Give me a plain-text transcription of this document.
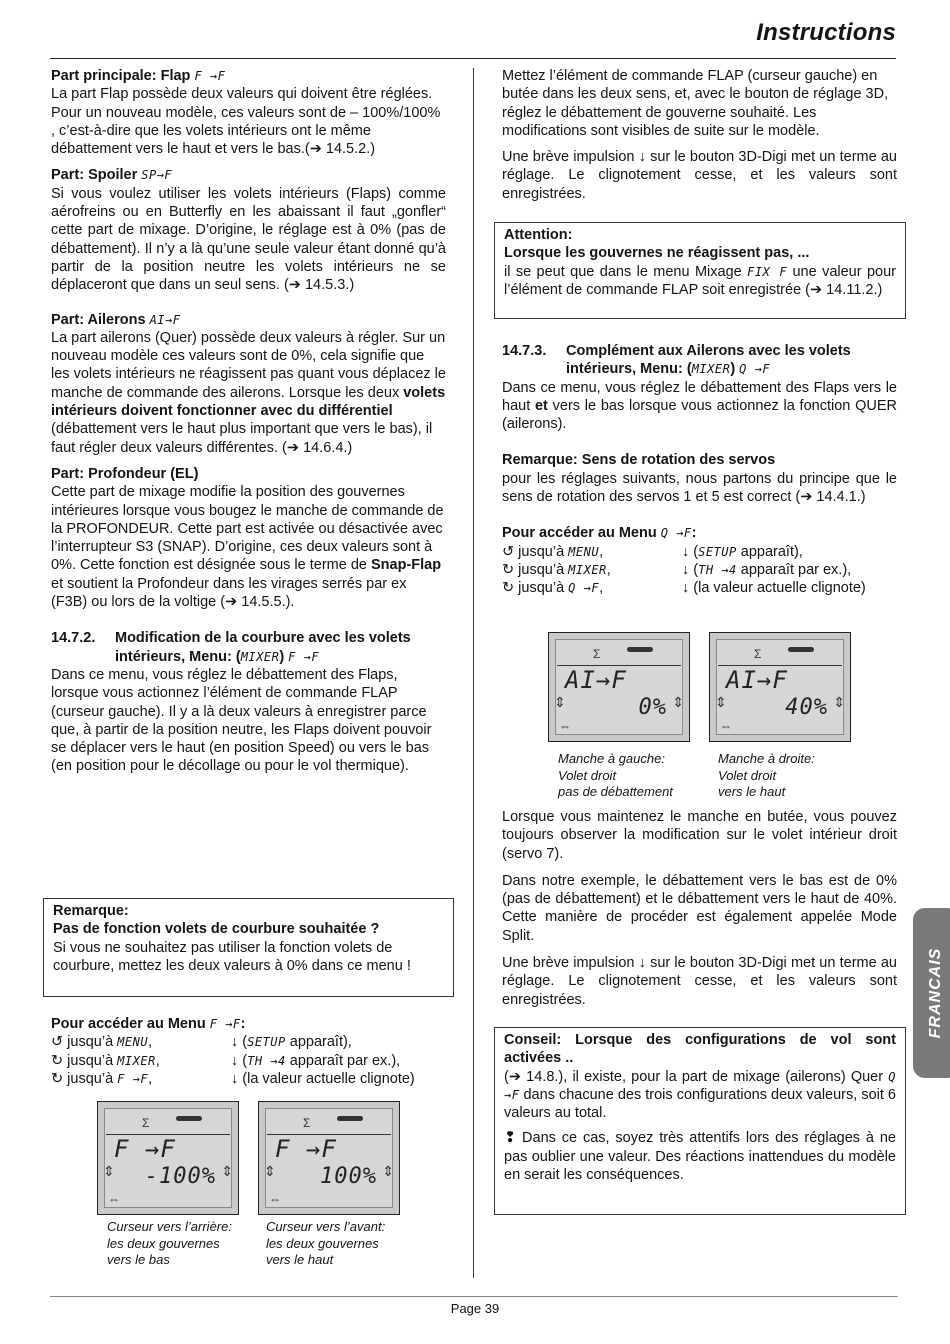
Instructions

Part principale: Flap F →F

La part Flap possède deux valeurs qui doivent être réglées. Pour un nouveau modèle, ces valeurs sont de – 100%/100% , c’est-à-dire que les volets intérieurs ont le même débattement vers le haut et vers le bas.(➔ 14.5.2.)

Part: Spoiler SP→F

Si vous voulez utiliser les volets intérieurs (Flaps) comme aérofreins ou en Butterfly en les abaissant il faut „gonfler“ cette part de mixage. D’origine, le réglage est à 0% (pas de débattement). Il n’y a là qu’une seule valeur étant donné qu’à partir de la position neutre les volets intérieurs ne se déplaceront que dans un seul sens. (➔ 14.5.3.)

Part: Ailerons AI→F

La part ailerons (Quer) possède deux valeurs à régler. Sur un nouveau modèle ces valeurs sont de 0%, cela signifie que les volets intérieurs ne réagissent pas quant vous déplacez le manche de commande des ailerons. Lorsque les deux volets intérieurs doivent fonctionner avec du différentiel (débattement vers le haut plus important que vers le bas), il faut régler deux valeurs différentes. (➔ 14.6.4.)

Part: Profondeur (EL)

Cette part de mixage modifie la position des gouvernes intérieures lorsque vous bougez le manche de commande de la PROFONDEUR. Cette part est activée ou désactivée avec l’interrupteur S3 (SNAP). D’origine, ces deux valeurs sont à 0%. Cette fonction est désignée sous le terme de Snap-Flap et soutient la Profondeur dans les virages serrés par ex (F3B) ou lors de la voltige (➔ 14.5.5.).

14.7.2.	Modification de la courbure avec les volets
intérieurs, Menu: (MIXER) F →F

Dans ce menu, vous réglez le débattement des Flaps, lorsque vous actionnez l’élément de commande FLAP (curseur gauche). Il y a là deux valeurs à enregistrer parce que, à partir de la position neutre, les Flaps doivent pouvoir se déplacer vers le haut (en position Speed) ou vers le bas (en position pour le décollage ou pour le vol thermique).

Remarque:

Pas de fonction volets de courbure souhaitée ?

Si vous ne souhaitez pas utiliser la fonction volets de courbure, mettez les deux valeurs à 0% dans ce menu !

Pour accéder au Menu F →F:

↺ jusqu’à MENU,	↓ (SETUP apparaît),
↻ jusqu’à MIXER,	↓ (TH →4 apparaît par ex.),
↻ jusqu’à F →F,	↓ (la valeur actuelle clignote)
Σ
F →F
-100%
⇕	⇕
⇔
Σ
F →F
100%
⇕	⇕
⇔
Curseur vers l’arrière:
les deux gouvernes
vers le bas
Curseur vers l’avant:
les deux gouvernes
vers le haut

Mettez l’élément de commande FLAP (curseur gauche) en butée dans les deux sens, et, avec le bouton de réglage 3D, réglez le débattement de gouverne souhaité. Les modifications sont visibles de suite sur le modèle.

Une brève impulsion ↓ sur le bouton 3D-Digi met un terme au réglage. Le clignotement cesse, et les valeurs sont enregistrées.

Attention:

Lorsque les gouvernes ne réagissent pas, ...

il se peut que dans le menu Mixage FIX F une valeur pour l’élément de commande FLAP soit enregistrée (➔ 14.11.2.)

14.7.3.	Complément aux Ailerons avec les volets
intérieurs, Menu: (MIXER) Q →F

Dans ce menu, vous réglez le débattement des Flaps vers le haut et vers le bas lorsque vous actionnez la fonction QUER (ailerons).

Remarque: Sens de rotation des servos

pour les réglages suivants, nous partons du principe que le sens de rotation des servos 1 et 5 est correct (➔ 14.4.1.)

Pour accéder au Menu Q →F:

↺ jusqu’à MENU,	↓ (SETUP apparaît),
↻ jusqu’à MIXER,	↓ (TH →4 apparaît par ex.),
↻ jusqu’à Q →F,	↓ (la valeur actuelle clignote)
Σ
AI→F
0%
⇕	⇕
⇔
Σ
AI→F
40%
⇕	⇕
⇔
Manche à gauche:
Volet droit
pas de débattement
Manche à droite:
Volet droit
vers le haut

Lorsque vous maintenez le manche en butée, vous pouvez toujours observer la modification sur le volet intérieur droit (servo 7).

Dans notre exemple, le débattement vers le bas est de 0% (pas de débattement) et le débattement vers le haut de 40%. Cette manière de procéder est également appelée Mode Split.

Une brève impulsion ↓ sur le bouton 3D-Digi met un terme au réglage. Le clignotement cesse, et les valeurs sont enregistrées.

Conseil: Lorsque des configurations de vol sont activées ..

(➔ 14.8.), il existe, pour la part de mixage (ailerons) Quer Q →F dans chacune des trois configurations deux valeurs, soit 6 valeurs au total.

❢ Dans ce cas, soyez très attentifs lors des réglages à ne pas oublier une valeur. Des réactions inattendues du modèle en serait les conséquences.

FRANCAIS
Page 39
